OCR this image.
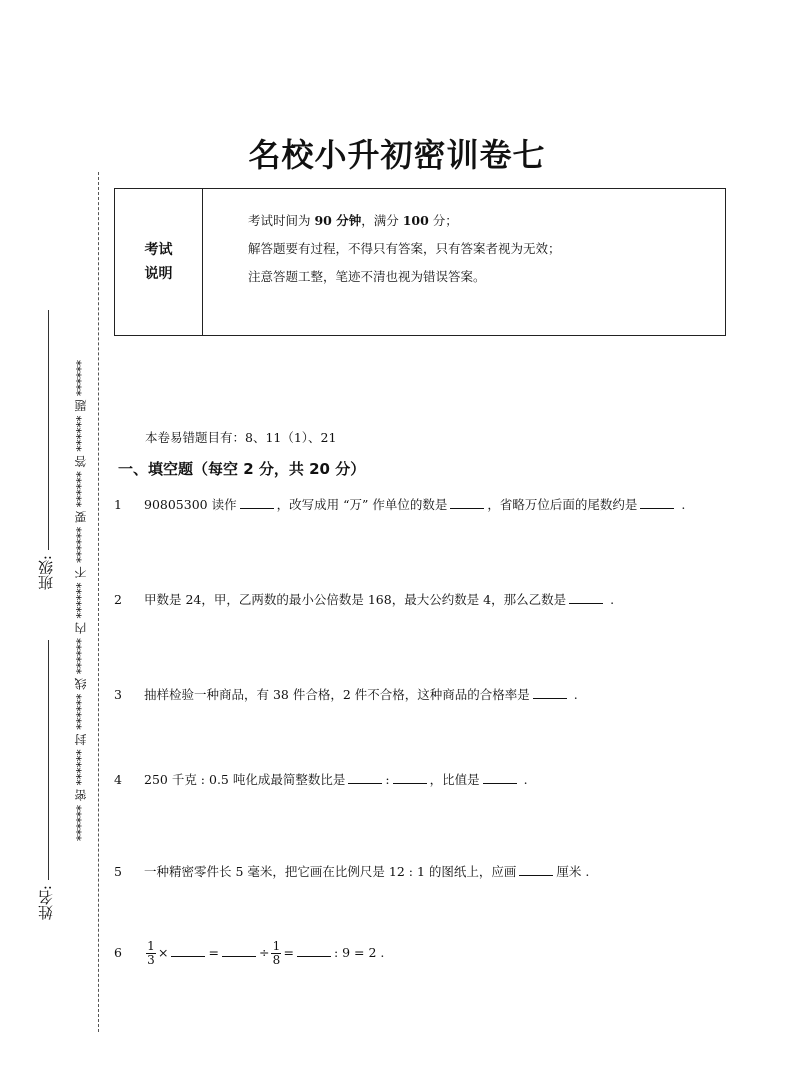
名校小升初密训卷七
考试
说明
考试时间为 90 分钟，满分 100 分；
解答题要有过程，不得只有答案，只有答案者视为无效；
注意答题工整，笔迹不清也视为错误答案。
本卷易错题目有：8、11（1）、21
一、填空题（每空 2 分，共 20 分）
1 90805300 读作	，改写成用 “万” 作单位的数是	，省略万位后面的尾数约是	.
2 甲数是 24，甲，乙两数的最小公倍数是 168，最大公约数是 4，那么乙数是	.
3 抽样检验一种商品，有 38 件合格，2 件不合格，这种商品的合格率是	.
4 250 千克 : 0.5 吨化成最简整数比是	:	，比值是	.
5 一种精密零件长 5 毫米，把它画在比例尺是 12 : 1 的图纸上，应画	厘米 .
$6 \frac{1}{3}$ ×	=	÷ $\frac{1}{8}$ =	: 9 = 2 .
****** 密 ****** 封 ****** 线 ****** 内 ****** 不 ****** 要 ****** 答 ****** 题 ******
班级:
姓名:
